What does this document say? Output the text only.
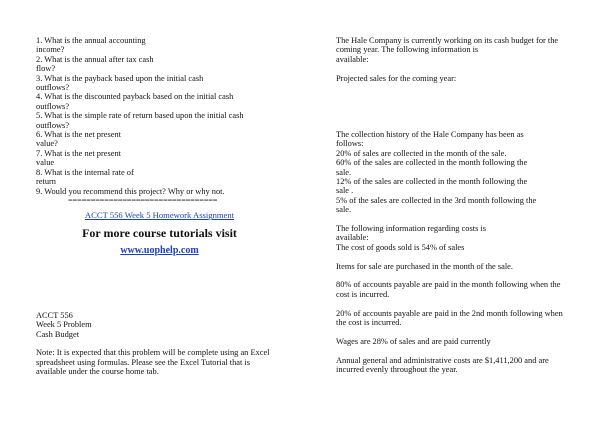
1. What is the annual accounting
income?
2. What is the annual after tax cash
flow?
3. What is the payback based upon the initial cash
outflows?
4. What is the discounted payback based on the initial cash
outflows?
5. What is the simple rate of return based upon the initial cash
outflows?
6. What is the net present
value?
7. What is the net present
value
8. What is the internal rate of
return
9. Would you recommend this project? Why or why not.
=================================
ACCT 556 Week 5 Homework Assignment
For more course tutorials visit
www.uophelp.com
ACCT 556
Week 5 Problem
Cash Budget
Note: It is expected that this problem will be complete using an Excel
spreadsheet using formulas. Please see the Excel Tutorial that is
available under the course home tab.
The Hale Company is currently working on its cash budget for the
coming year. The following information is
available:
Projected sales for the coming year:
The collection history of the Hale Company has been as
follows:
20% of sales are collected in the month of the sale.
60% of the sales are collected in the month following the
sale.
12% of the sales are collected in the month following the
sale .
5% of the sales are collected in the 3rd month following the
sale.
The following information regarding costs is
available:
The cost of goods sold is 54% of sales
Items for sale are purchased in the month of the sale.
80% of accounts payable are paid in the month following when the
cost is incurred.
20% of accounts payable are paid in the 2nd month following when
the cost is incurred.
Wages are 28% of sales and are paid currently
Annual general and administrative costs are $1,411,200 and are
incurred evenly throughout the year.
